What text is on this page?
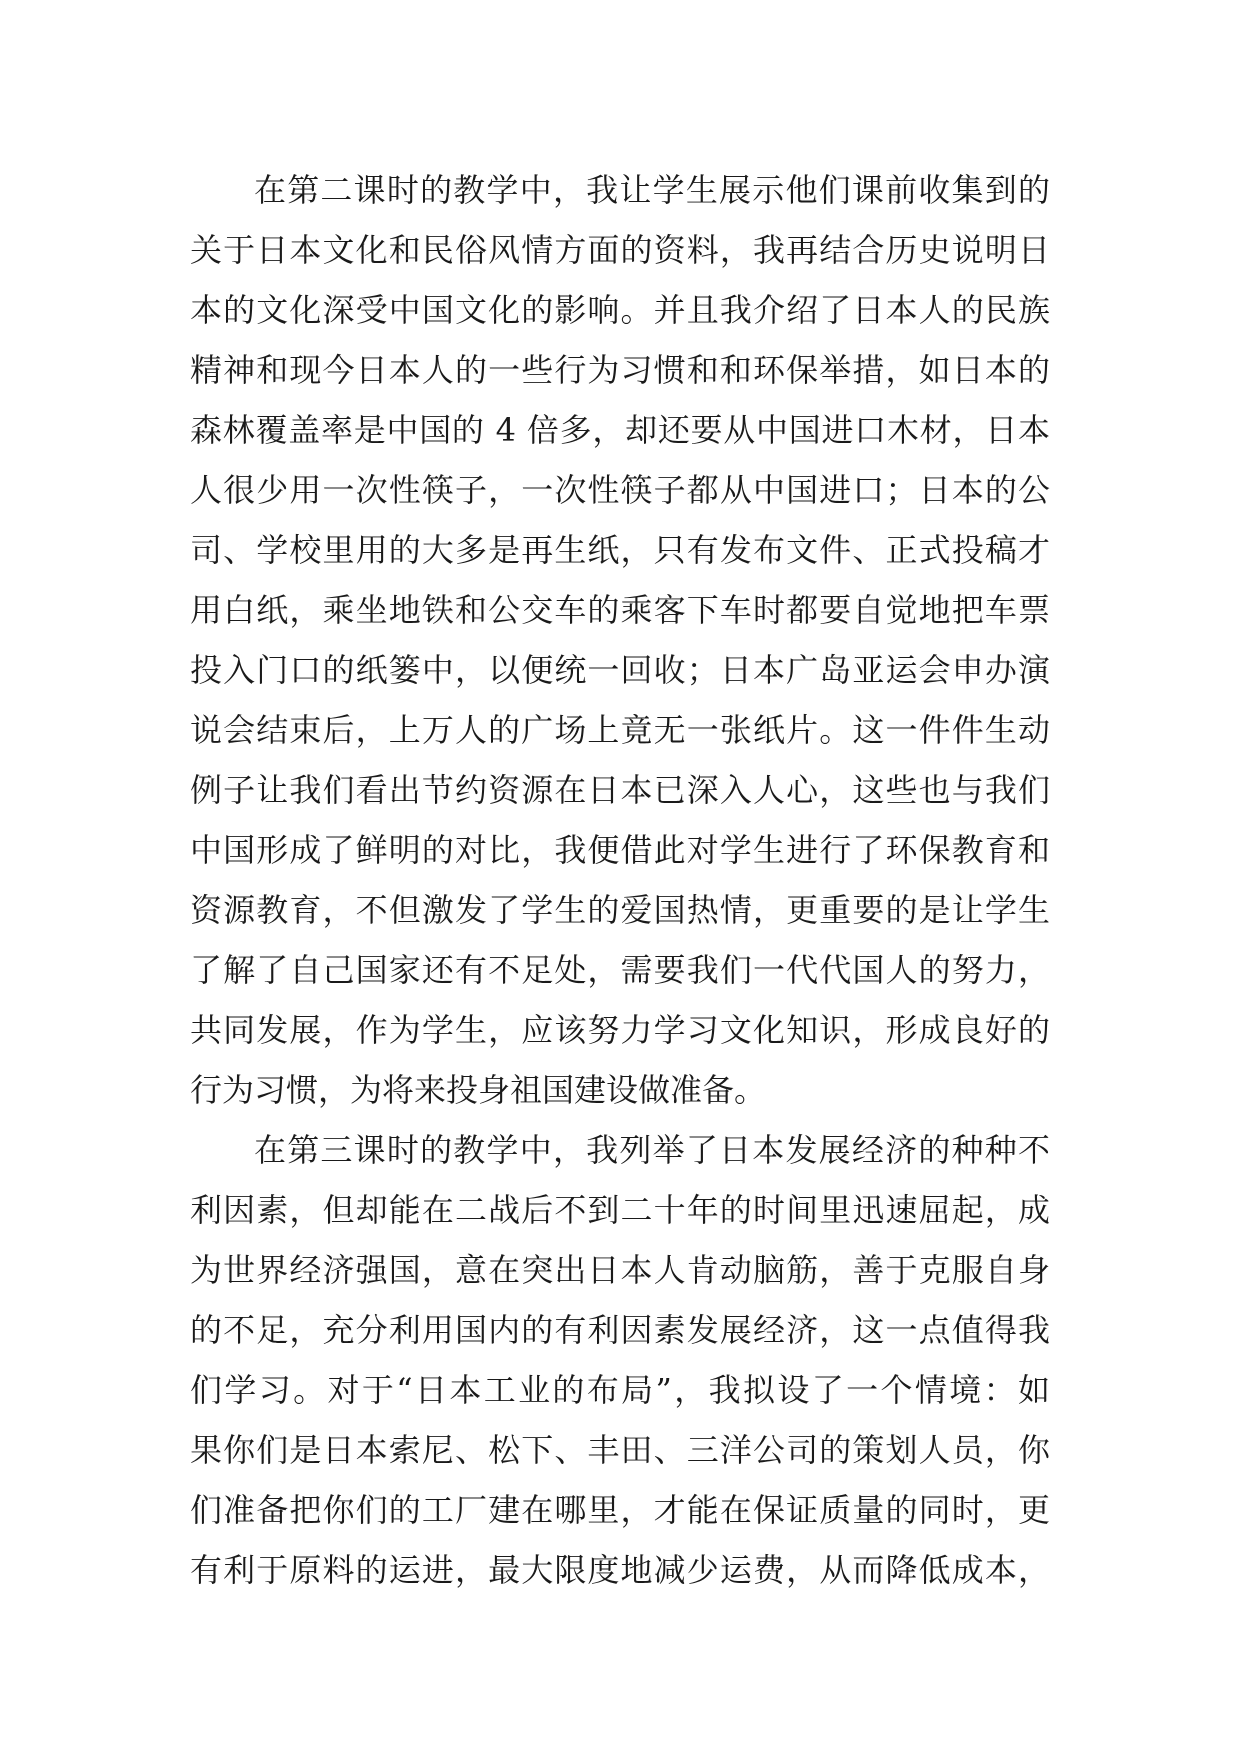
在第二课时的教学中，我让学生展示他们课前收集到的
关于日本文化和民俗风情方面的资料，我再结合历史说明日
本的文化深受中国文化的影响。并且我介绍了日本人的民族
精神和现今日本人的一些行为习惯和和环保举措，如日本的
森林覆盖率是中国的 4 倍多，却还要从中国进口木材，日本
人很少用一次性筷子，一次性筷子都从中国进口；日本的公
司、学校里用的大多是再生纸，只有发布文件、正式投稿才
用白纸，乘坐地铁和公交车的乘客下车时都要自觉地把车票
投入门口的纸篓中，以便统一回收；日本广岛亚运会申办演
说会结束后，上万人的广场上竟无一张纸片。这一件件生动
例子让我们看出节约资源在日本已深入人心，这些也与我们
中国形成了鲜明的对比，我便借此对学生进行了环保教育和
资源教育，不但激发了学生的爱国热情，更重要的是让学生
了解了自己国家还有不足处，需要我们一代代国人的努力，
共同发展，作为学生，应该努力学习文化知识，形成良好的
行为习惯，为将来投身祖国建设做准备。
在第三课时的教学中，我列举了日本发展经济的种种不
利因素，但却能在二战后不到二十年的时间里迅速屈起，成
为世界经济强国，意在突出日本人肯动脑筋，善于克服自身
的不足，充分利用国内的有利因素发展经济，这一点值得我
们学习。对于“日本工业的布局”，我拟设了一个情境：如
果你们是日本索尼、松下、丰田、三洋公司的策划人员，你
们准备把你们的工厂建在哪里，才能在保证质量的同时，更
有利于原料的运进，最大限度地减少运费，从而降低成本，
